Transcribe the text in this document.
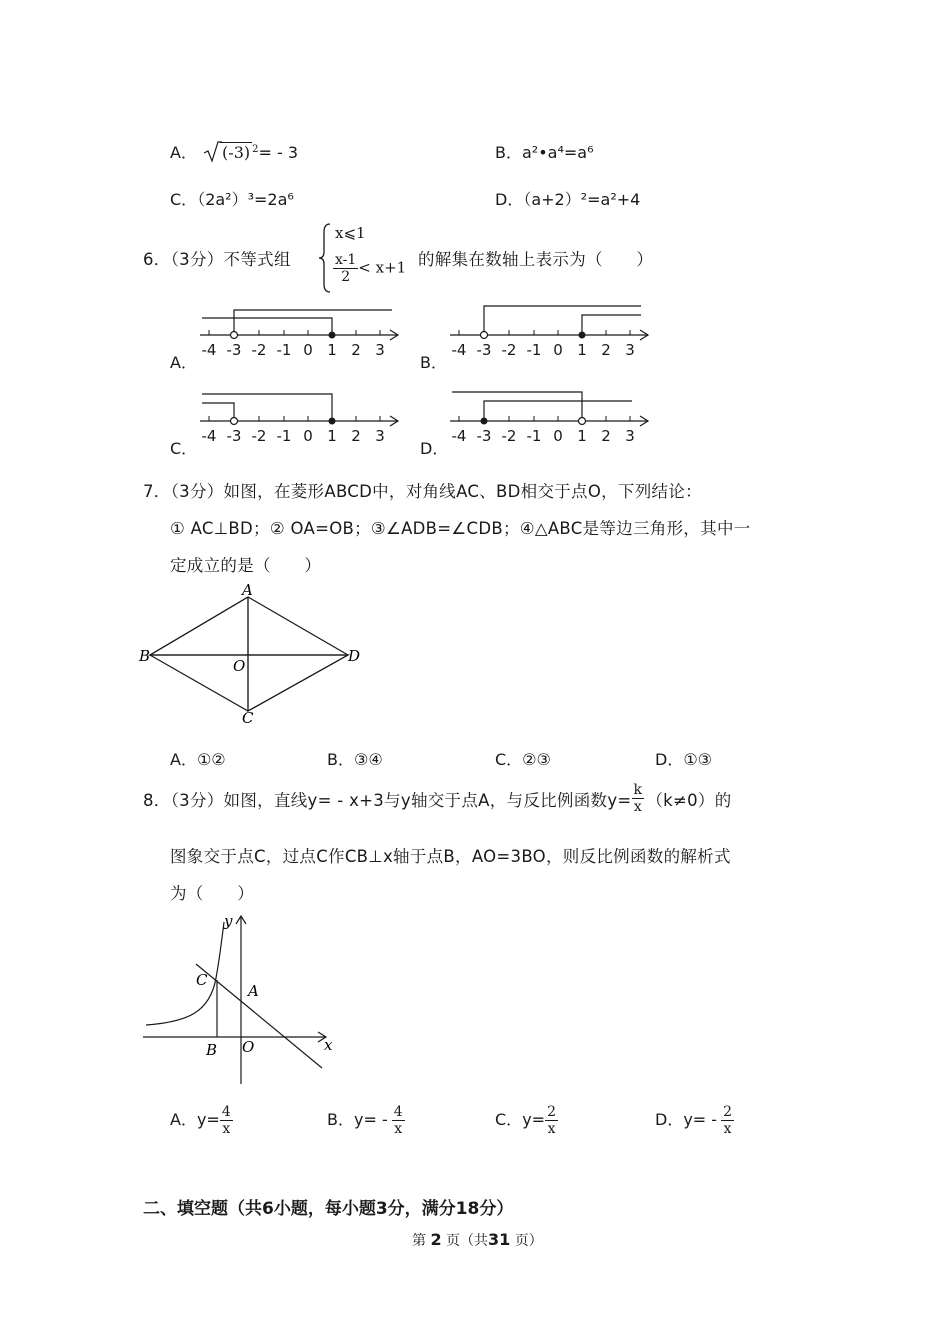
A． (-3) $^2$= - 3	B．a²•a⁴=a⁶
C．（2a²）³=2a⁶	D．（a+2）²=a²+4
6．（3分）不等式组
x⩽1
$\frac{x-1}{2} < x+1$ 的解集在数轴上表示为（　　）
A．
-4 -3 -2 -1 0 1 2 3
B．
-4 -3 -2 -1 0 1 2 3
C．
-4 -3 -2 -1 0 1 2 3
D．
-4 -3 -2 -1 0 1 2 3
7．（3分）如图，在菱形ABCD中，对角线AC、BD相交于点O，下列结论：
① AC⊥BD；② OA=OB；③∠ADB=∠CDB；④△ABC是等边三角形，其中一
定成立的是（　　）
A
B
C
D
O
A．①②	B．③④	C．②③	D．①③
8．（3分）如图，直线y= - x+3与y轴交于点A，与反比例函数$y= \frac{k}{x} (k\ne 0)$的
图象交于点C，过点C作CB⊥x轴于点B，AO=3BO，则反比例函数的解析式
为（　　）
y
x
C
A
B O
A．$y= \frac{4}{x}$	B．$y= - \frac{4}{x}$	C．$y= \frac{2}{x}$	D．$y= - \frac{2}{x}$
二、填空题（共6小题，每小题3分，满分18分）
第 2 页（共31 页）
